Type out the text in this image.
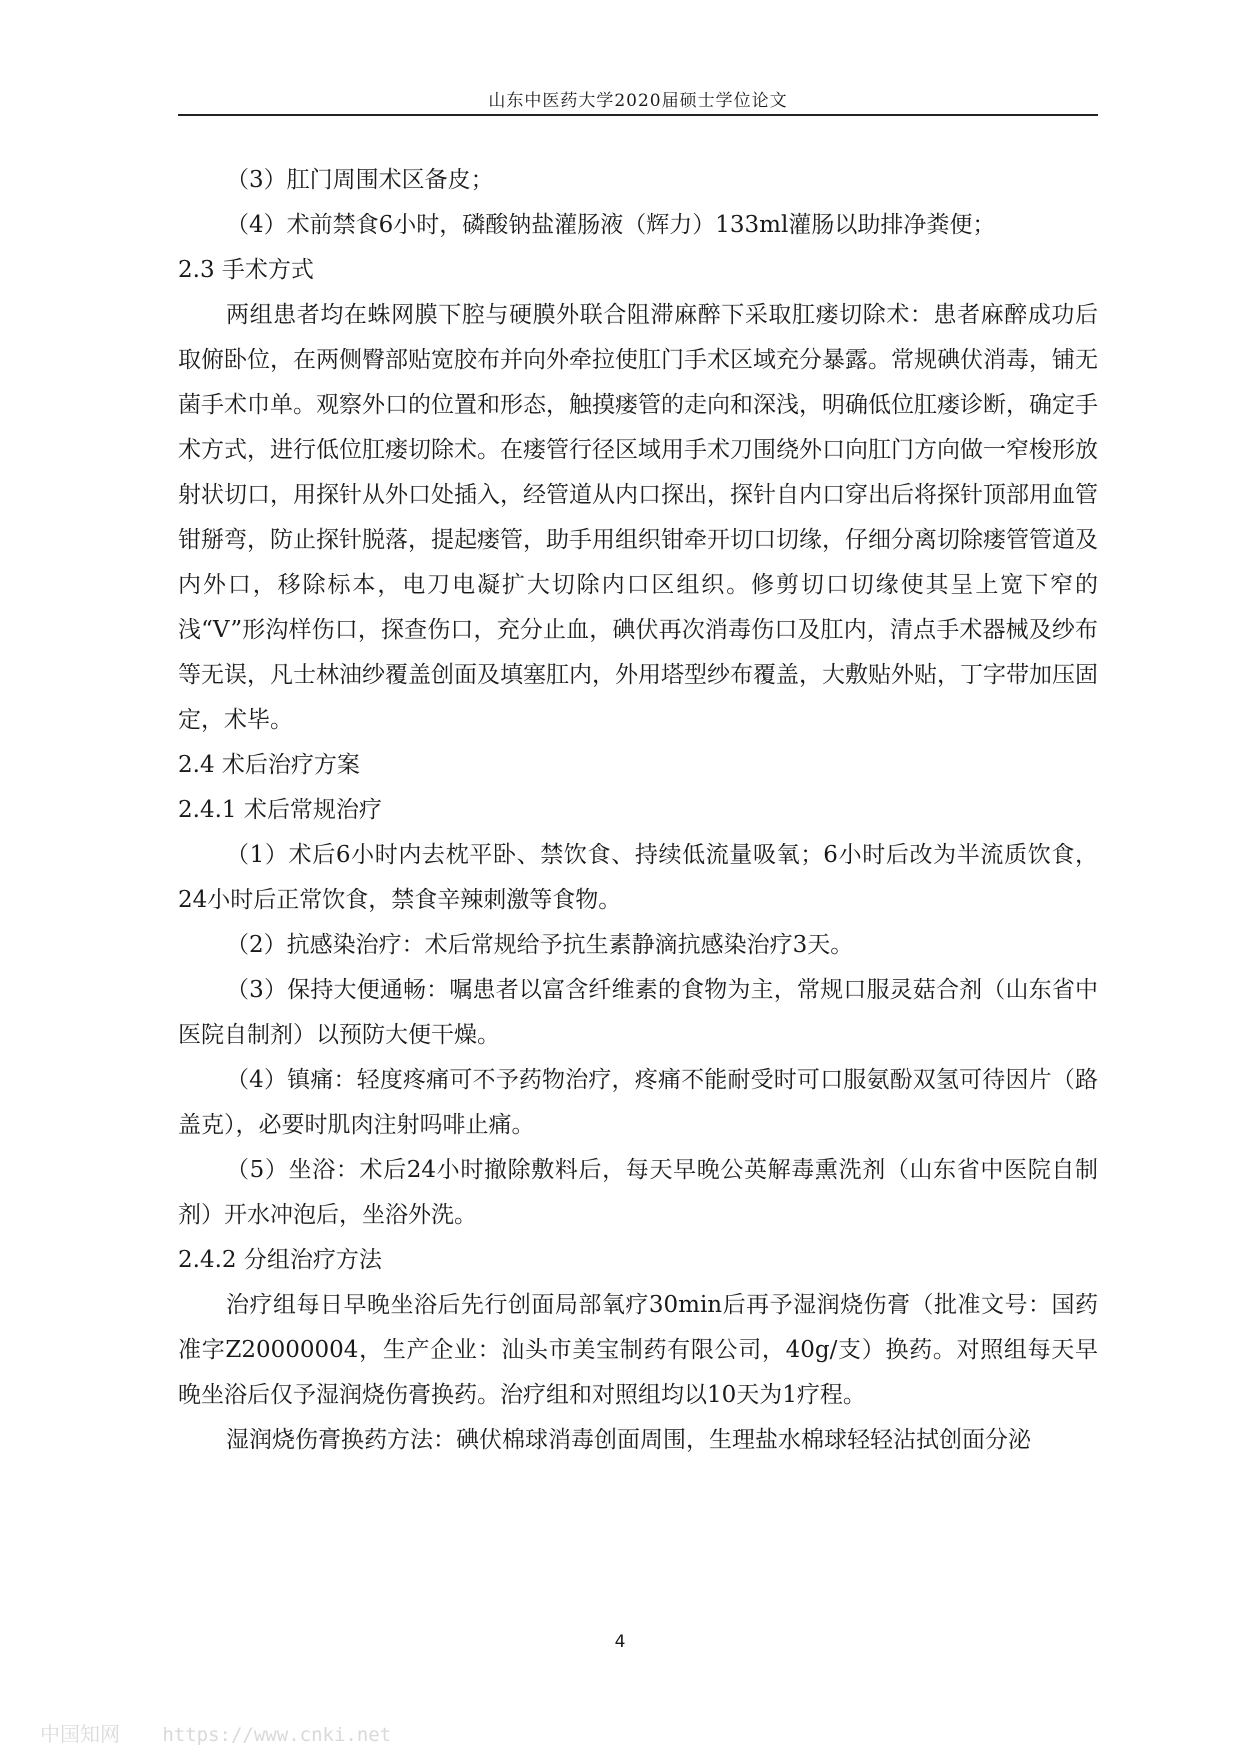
山东中医药大学2020届硕士学位论文

（3）肛门周围术区备皮；

（4）术前禁食6小时，磷酸钠盐灌肠液（辉力）133ml灌肠以助排净粪便；

2.3 手术方式

两组患者均在蛛网膜下腔与硬膜外联合阻滞麻醉下采取肛瘘切除术：患者麻醉成功后取俯卧位，在两侧臀部贴宽胶布并向外牵拉使肛门手术区域充分暴露。常规碘伏消毒，铺无菌手术巾单。观察外口的位置和形态，触摸瘘管的走向和深浅，明确低位肛瘘诊断，确定手术方式，进行低位肛瘘切除术。在瘘管行径区域用手术刀围绕外口向肛门方向做一窄梭形放射状切口，用探针从外口处插入，经管道从内口探出，探针自内口穿出后将探针顶部用血管钳掰弯，防止探针脱落，提起瘘管，助手用组织钳牵开切口切缘，仔细分离切除瘘管管道及内外口，移除标本，电刀电凝扩大切除内口区组织。修剪切口切缘使其呈上宽下窄的浅“V”形沟样伤口，探查伤口，充分止血，碘伏再次消毒伤口及肛内，清点手术器械及纱布等无误，凡士林油纱覆盖创面及填塞肛内，外用塔型纱布覆盖，大敷贴外贴，丁字带加压固定，术毕。

2.4 术后治疗方案

2.4.1 术后常规治疗

（1）术后6小时内去枕平卧、禁饮食、持续低流量吸氧；6小时后改为半流质饮食，24小时后正常饮食，禁食辛辣刺激等食物。

（2）抗感染治疗：术后常规给予抗生素静滴抗感染治疗3天。

（3）保持大便通畅：嘱患者以富含纤维素的食物为主，常规口服灵菇合剂（山东省中医院自制剂）以预防大便干燥。

（4）镇痛：轻度疼痛可不予药物治疗，疼痛不能耐受时可口服氨酚双氢可待因片（路盖克），必要时肌肉注射吗啡止痛。

（5）坐浴：术后24小时撤除敷料后，每天早晚公英解毒熏洗剂（山东省中医院自制剂）开水冲泡后，坐浴外洗。

2.4.2 分组治疗方法

治疗组每日早晚坐浴后先行创面局部氧疗30min后再予湿润烧伤膏（批准文号：国药准字Z20000004，生产企业：汕头市美宝制药有限公司，40g/支）换药。对照组每天早晚坐浴后仅予湿润烧伤膏换药。治疗组和对照组均以10天为1疗程。

湿润烧伤膏换药方法：碘伏棉球消毒创面周围，生理盐水棉球轻轻沾拭创面分泌

4
中国知网 https://www.cnki.net
